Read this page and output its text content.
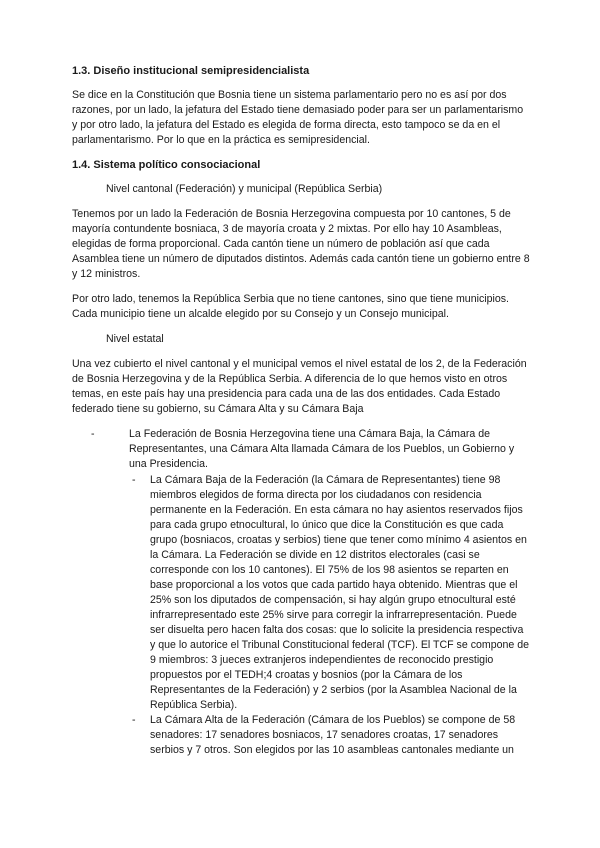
1.3. Diseño institucional semipresidencialista

Se dice en la Constitución que Bosnia tiene un sistema parlamentario pero no es así por dos razones, por un lado, la jefatura del Estado tiene demasiado poder para ser un parlamentarismo y por otro lado, la jefatura del Estado es elegida de forma directa, esto tampoco se da en el parlamentarismo. Por lo que en la práctica es semipresidencial.

1.4. Sistema político consociacional
Nivel cantonal (Federación) y municipal (República Serbia)

Tenemos por un lado la Federación de Bosnia Herzegovina compuesta por 10 cantones, 5 de mayoría contundente bosniaca, 3 de mayoría croata y 2 mixtas. Por ello hay 10 Asambleas, elegidas de forma proporcional. Cada cantón tiene un número de población así que cada Asamblea tiene un número de diputados distintos. Además cada cantón tiene un gobierno entre 8 y 12 ministros.

Por otro lado, tenemos la República Serbia que no tiene cantones, sino que tiene municipios. Cada municipio tiene un alcalde elegido por su Consejo y un Consejo municipal.

Nivel estatal

Una vez cubierto el nivel cantonal y el municipal vemos el nivel estatal de los 2, de la Federación de Bosnia Herzegovina y de la República Serbia. A diferencia de lo que hemos visto en otros temas, en este país hay una presidencia para cada una de las dos entidades. Cada Estado federado tiene su gobierno, su Cámara Alta y su Cámara Baja

-	La Federación de Bosnia Herzegovina tiene una Cámara Baja, la Cámara de Representantes, una Cámara Alta llamada Cámara de los Pueblos, un Gobierno y una Presidencia.
- La Cámara Baja de la Federación (la Cámara de Representantes) tiene 98 miembros elegidos de forma directa por los ciudadanos con residencia permanente en la Federación. En esta cámara no hay asientos reservados fijos para cada grupo etnocultural, lo único que dice la Constitución es que cada grupo (bosniacos, croatas y serbios) tiene que tener como mínimo 4 asientos en la Cámara. La Federación se divide en 12 distritos electorales (casi se corresponde con los 10 cantones). El 75% de los 98 asientos se reparten en base proporcional a los votos que cada partido haya obtenido. Mientras que el 25% son los diputados de compensación, si hay algún grupo etnocultural esté infrarrepresentado este 25% sirve para corregir la infrarrepresentación. Puede ser disuelta pero hacen falta dos cosas: que lo solicite la presidencia respectiva y que lo autorice el Tribunal Constitucional federal (TCF). El TCF se compone de 9 miembros: 3 jueces extranjeros independientes de reconocido prestigio propuestos por el TEDH;4 croatas y bosnios (por la Cámara de los Representantes de la Federación) y 2 serbios (por la Asamblea Nacional de la República Serbia).
- La Cámara Alta de la Federación (Cámara de los Pueblos) se compone de 58 senadores: 17 senadores bosniacos, 17 senadores croatas, 17 senadores serbios y 7 otros. Son elegidos por las 10 asambleas cantonales mediante un
